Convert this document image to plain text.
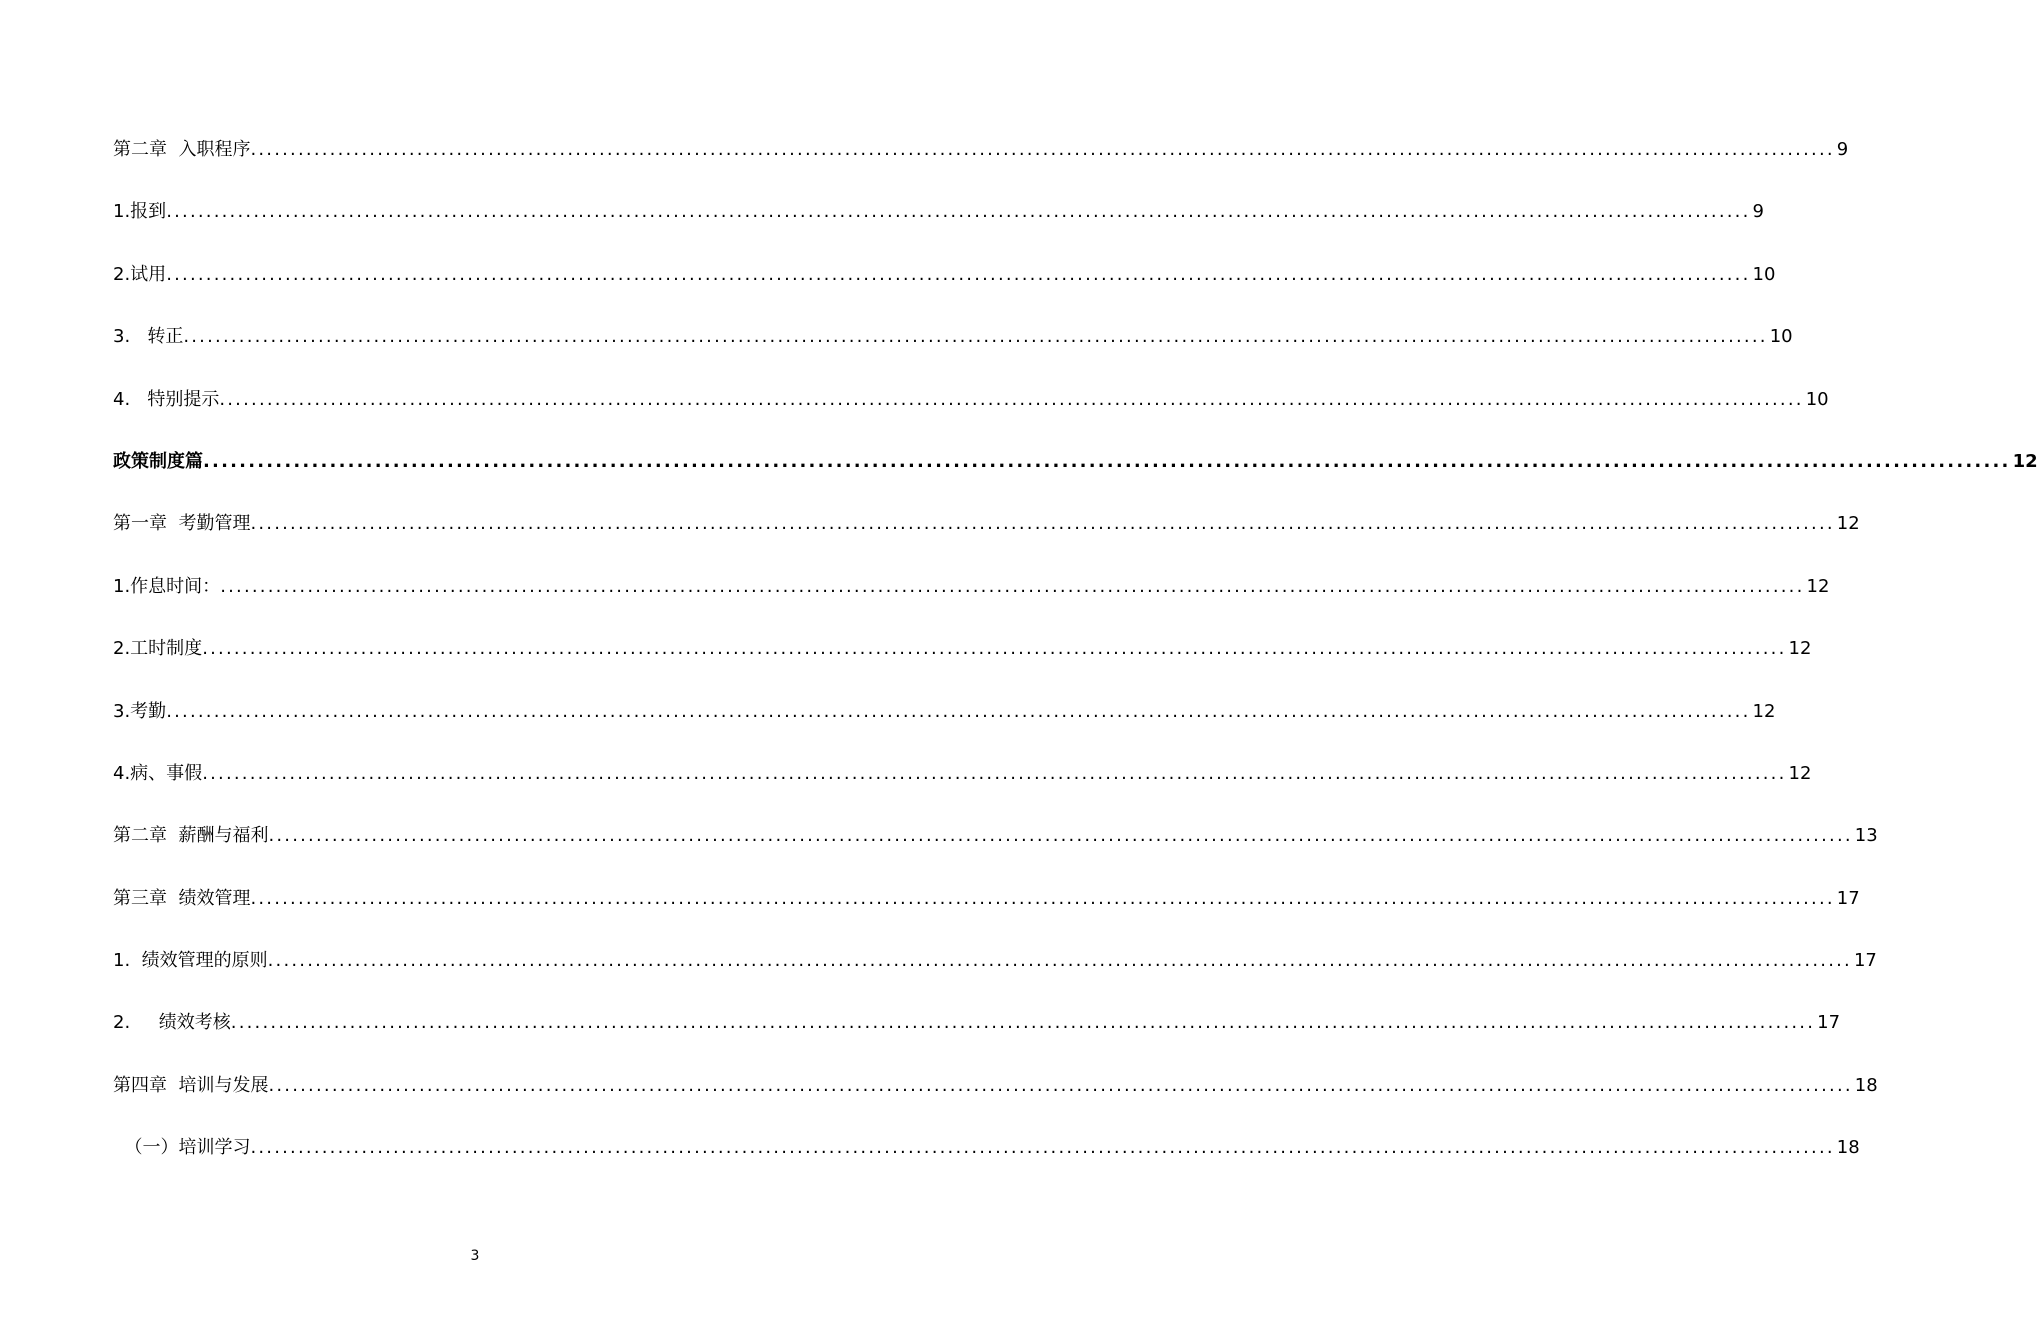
第二章  入职程序 ........................................................................................................................................................................................................ 9
1.报到 ........................................................................................................................................................................................................ 9
2.试用 ........................................................................................................................................................................................................ 10
3.   转正 ........................................................................................................................................................................................................ 10
4.   特别提示 ........................................................................................................................................................................................................ 10
政策制度篇 ........................................................................................................................................................................................................ 12
第一章  考勤管理 ........................................................................................................................................................................................................ 12
1.作息时间： ........................................................................................................................................................................................................ 12
2.工时制度 ........................................................................................................................................................................................................ 12
3.考勤 ........................................................................................................................................................................................................ 12
4.病、事假 ........................................................................................................................................................................................................ 12
第二章  薪酬与福利 ........................................................................................................................................................................................................ 13
第三章  绩效管理 ........................................................................................................................................................................................................ 17
1.  绩效管理的原则 ........................................................................................................................................................................................................ 17
2.     绩效考核 ........................................................................................................................................................................................................ 17
第四章  培训与发展 ........................................................................................................................................................................................................ 18
（一）培训学习 ........................................................................................................................................................................................................ 18
3
